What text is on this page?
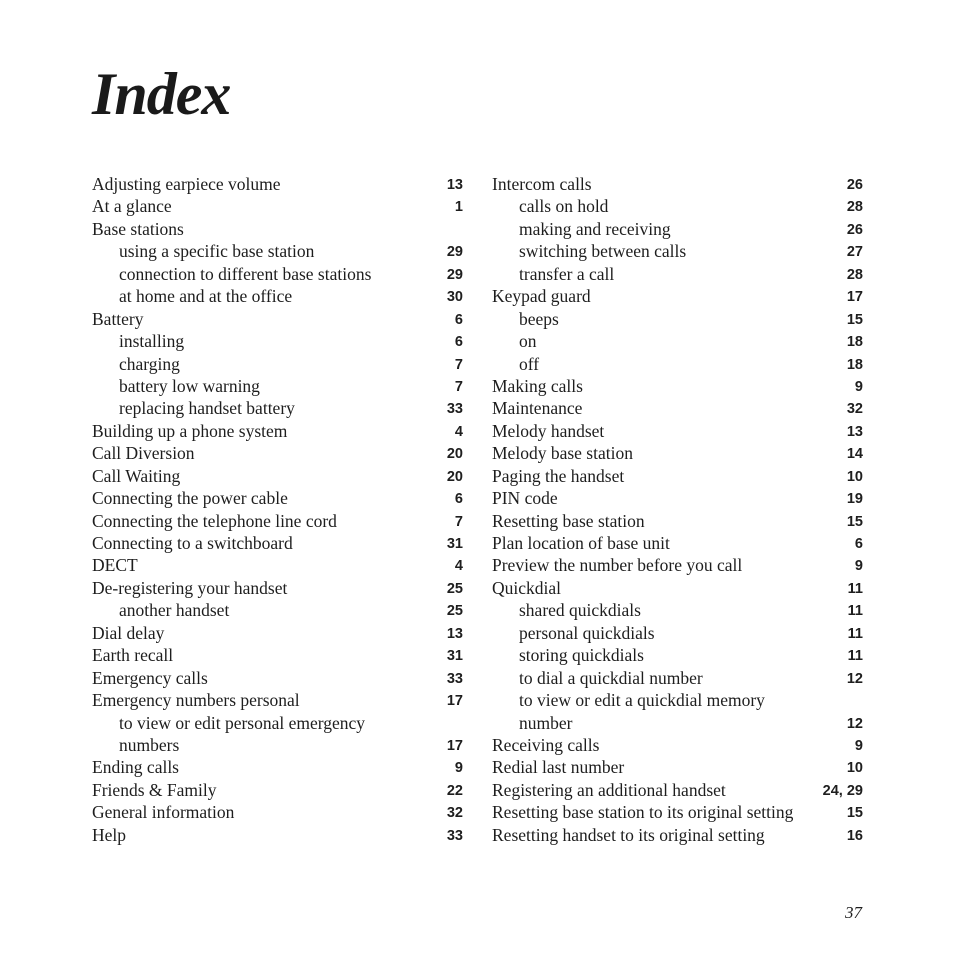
Index
Adjusting earpiece volume	13
At a glance	1
Base stations
using a specific base station	29
connection to different base stations	29
at home and at the office	30
Battery	6
installing	6
charging	7
battery low warning	7
replacing handset battery	33
Building up a phone system	4
Call Diversion	20
Call Waiting	20
Connecting the power cable	6
Connecting the telephone line cord	7
Connecting to a switchboard	31
DECT	4
De-registering your handset	25
another handset	25
Dial delay	13
Earth recall	31
Emergency calls	33
Emergency numbers personal	17
to view or edit personal emergency
numbers	17
Ending calls	9
Friends & Family	22
General information	32
Help	33
Intercom calls	26
calls on hold	28
making and receiving	26
switching between calls	27
transfer a call	28
Keypad guard	17
beeps	15
on	18
off	18
Making calls	9
Maintenance	32
Melody handset	13
Melody base station	14
Paging the handset	10
PIN code	19
Resetting base station	15
Plan location of base unit	6
Preview the number before you call	9
Quickdial	11
shared quickdials	11
personal quickdials	11
storing quickdials	11
to dial a quickdial number	12
to view or edit a quickdial memory
number	12
Receiving calls	9
Redial last number	10
Registering an additional handset	24, 29
Resetting base station to its original setting	15
Resetting handset to its original setting	16
37
